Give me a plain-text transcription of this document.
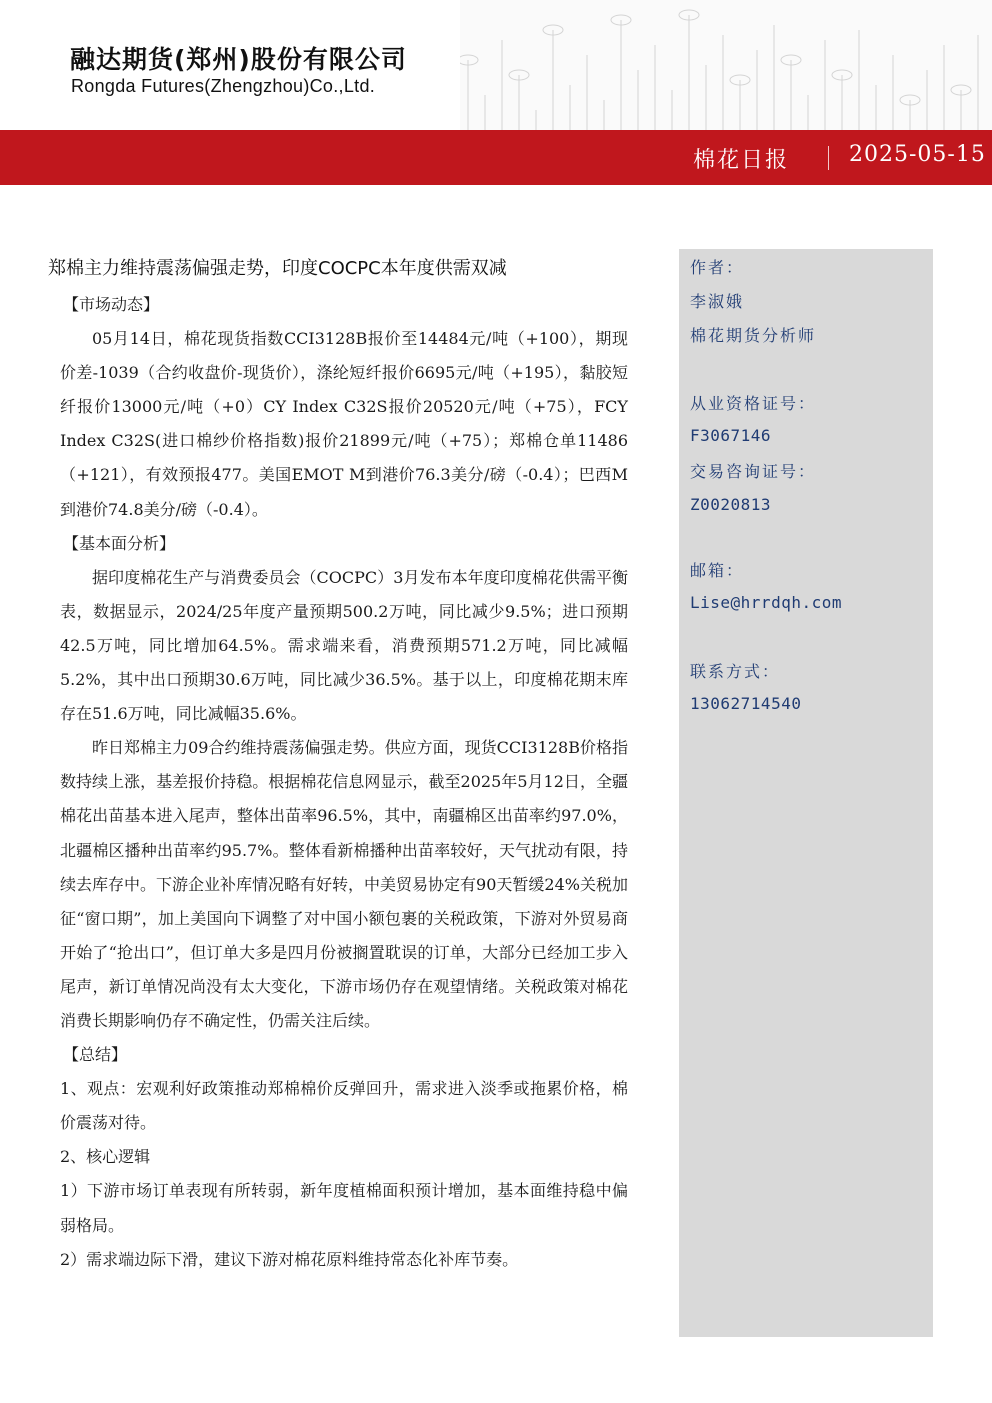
融达期货(郑州)股份有限公司
Rongda Futures(Zhengzhou)Co.,Ltd.
棉花日报	2025-05-15
郑棉主力维持震荡偏强走势，印度COCPC本年度供需双减

【市场动态】

05月14日，棉花现货指数CCI3128B报价至14484元/吨（+100），期现价差-1039（合约收盘价-现货价），涤纶短纤报价6695元/吨（+195），黏胶短纤报价13000元/吨（+0）CY Index C32S报价20520元/吨（+75），FCY Index C32S(进口棉纱价格指数)报价21899元/吨（+75）；郑棉仓单11486（+121），有效预报477。美国EMOT M到港价76.3美分/磅（-0.4）；巴西M到港价74.8美分/磅（-0.4）。

【基本面分析】

据印度棉花生产与消费委员会（COCPC）3月发布本年度印度棉花供需平衡表，数据显示，2024/25年度产量预期500.2万吨，同比减少9.5%；进口预期42.5万吨，同比增加64.5%。需求端来看，消费预期571.2万吨，同比减幅5.2%，其中出口预期30.6万吨，同比减少36.5%。基于以上，印度棉花期末库存在51.6万吨，同比减幅35.6%。

昨日郑棉主力09合约维持震荡偏强走势。供应方面，现货CCI3128B价格指数持续上涨，基差报价持稳。根据棉花信息网显示，截至2025年5月12日，全疆棉花出苗基本进入尾声，整体出苗率96.5%，其中，南疆棉区出苗率约97.0%，北疆棉区播种出苗率约95.7%。整体看新棉播种出苗率较好，天气扰动有限，持续去库存中。下游企业补库情况略有好转，中美贸易协定有90天暂缓24%关税加征“窗口期”，加上美国向下调整了对中国小额包裹的关税政策，下游对外贸易商开始了“抢出口”，但订单大多是四月份被搁置耽误的订单，大部分已经加工步入尾声，新订单情况尚没有太大变化，下游市场仍存在观望情绪。关税政策对棉花消费长期影响仍存不确定性，仍需关注后续。

【总结】

1、观点：宏观利好政策推动郑棉棉价反弹回升，需求进入淡季或拖累价格，棉价震荡对待。

2、核心逻辑

1）下游市场订单表现有所转弱，新年度植棉面积预计增加，基本面维持稳中偏弱格局。

2）需求端边际下滑，建议下游对棉花原料维持常态化补库节奏。

作者：
李淑娥
棉花期货分析师
从业资格证号：
F3067146
交易咨询证号：
Z0020813
邮箱：
Lise@hrrdqh.com
联系方式：
13062714540
